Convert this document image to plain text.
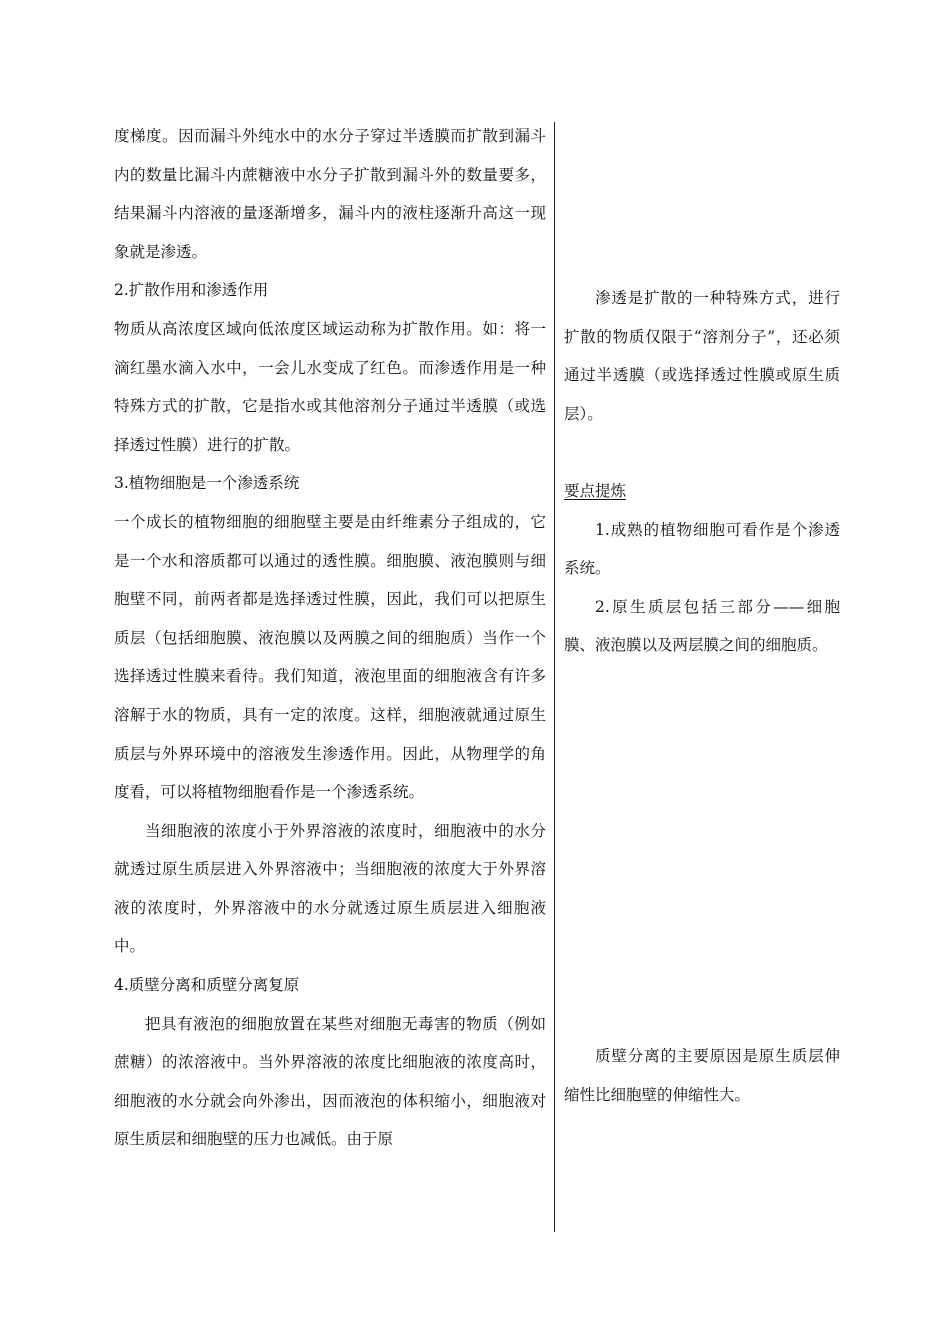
度梯度。因而漏斗外纯水中的水分子穿过半透膜而扩散到漏斗内的数量比漏斗内蔗糖液中水分子扩散到漏斗外的数量要多，结果漏斗内溶液的量逐渐增多，漏斗内的液柱逐渐升高这一现象就是渗透。

2.扩散作用和渗透作用

物质从高浓度区域向低浓度区域运动称为扩散作用。如：将一滴红墨水滴入水中，一会儿水变成了红色。而渗透作用是一种特殊方式的扩散，它是指水或其他溶剂分子通过半透膜（或选择透过性膜）进行的扩散。

3.植物细胞是一个渗透系统

一个成长的植物细胞的细胞壁主要是由纤维素分子组成的，它是一个水和溶质都可以通过的透性膜。细胞膜、液泡膜则与细胞壁不同，前两者都是选择透过性膜，因此，我们可以把原生质层（包括细胞膜、液泡膜以及两膜之间的细胞质）当作一个选择透过性膜来看待。我们知道，液泡里面的细胞液含有许多溶解于水的物质，具有一定的浓度。这样，细胞液就通过原生质层与外界环境中的溶液发生渗透作用。因此，从物理学的角度看，可以将植物细胞看作是一个渗透系统。

当细胞液的浓度小于外界溶液的浓度时，细胞液中的水分就透过原生质层进入外界溶液中；当细胞液的浓度大于外界溶液的浓度时，外界溶液中的水分就透过原生质层进入细胞液中。

4.质壁分离和质壁分离复原

把具有液泡的细胞放置在某些对细胞无毒害的物质（例如蔗糖）的浓溶液中。当外界溶液的浓度比细胞液的浓度高时，细胞液的水分就会向外渗出，因而液泡的体积缩小，细胞液对原生质层和细胞壁的压力也减低。由于原

渗透是扩散的一种特殊方式，进行扩散的物质仅限于“溶剂分子”，还必须通过半透膜（或选择透过性膜或原生质层）。

要点提炼

1.成熟的植物细胞可看作是个渗透系统。

2.原生质层包括三部分——细胞膜、液泡膜以及两层膜之间的细胞质。

质壁分离的主要原因是原生质层伸缩性比细胞壁的伸缩性大。
